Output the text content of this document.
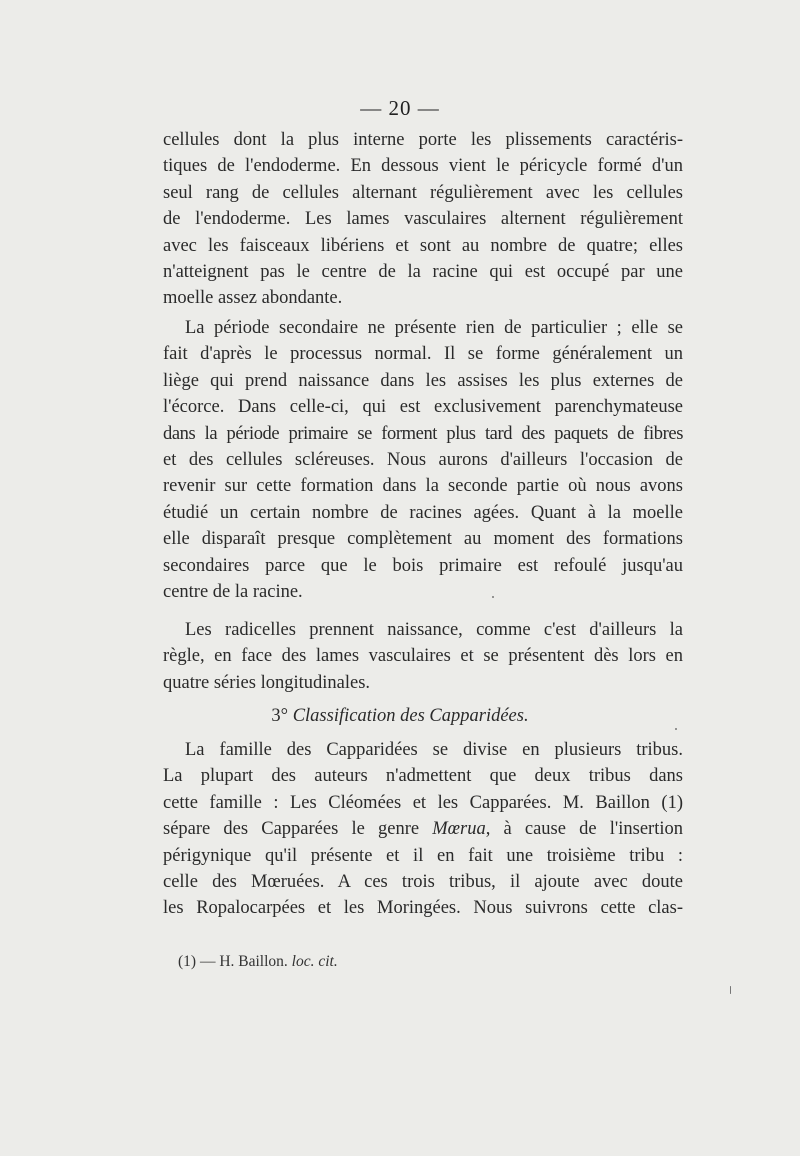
— 20 —
cellules dont la plus interne porte les plissements caractéris-
tiques de l'endoderme. En dessous vient le péricycle formé d'un
seul rang de cellules alternant régulièrement avec les cellules
de l'endoderme. Les lames vasculaires alternent régulièrement
avec les faisceaux libériens et sont au nombre de quatre; elles
n'atteignent pas le centre de la racine qui est occupé par une
moelle assez abondante.
La période secondaire ne présente rien de particulier ; elle se
fait d'après le processus normal. Il se forme généralement un
liège qui prend naissance dans les assises les plus externes de
l'écorce. Dans celle-ci, qui est exclusivement parenchymateuse
dans la période primaire se forment plus tard des paquets de fibres
et des cellules scléreuses. Nous aurons d'ailleurs l'occasion de
revenir sur cette formation dans la seconde partie où nous avons
étudié un certain nombre de racines agées. Quant à la moelle
elle disparaît presque complètement au moment des formations
secondaires parce que le bois primaire est refoulé jusqu'au
centre de la racine.
Les radicelles prennent naissance, comme c'est d'ailleurs la
règle, en face des lames vasculaires et se présentent dès lors en
quatre séries longitudinales.
3° Classification des Capparidées.
La famille des Capparidées se divise en plusieurs tribus.
La plupart des auteurs n'admettent que deux tribus dans
cette famille : Les Cléomées et les Capparées. M. Baillon (1)
sépare des Capparées le genre Mœrua, à cause de l'insertion
périgynique qu'il présente et il en fait une troisième tribu :
celle des Mœruées. A ces trois tribus, il ajoute avec doute
les Ropalocarpées et les Moringées. Nous suivrons cette clas-
(1) — H. Baillon. loc. cit.
